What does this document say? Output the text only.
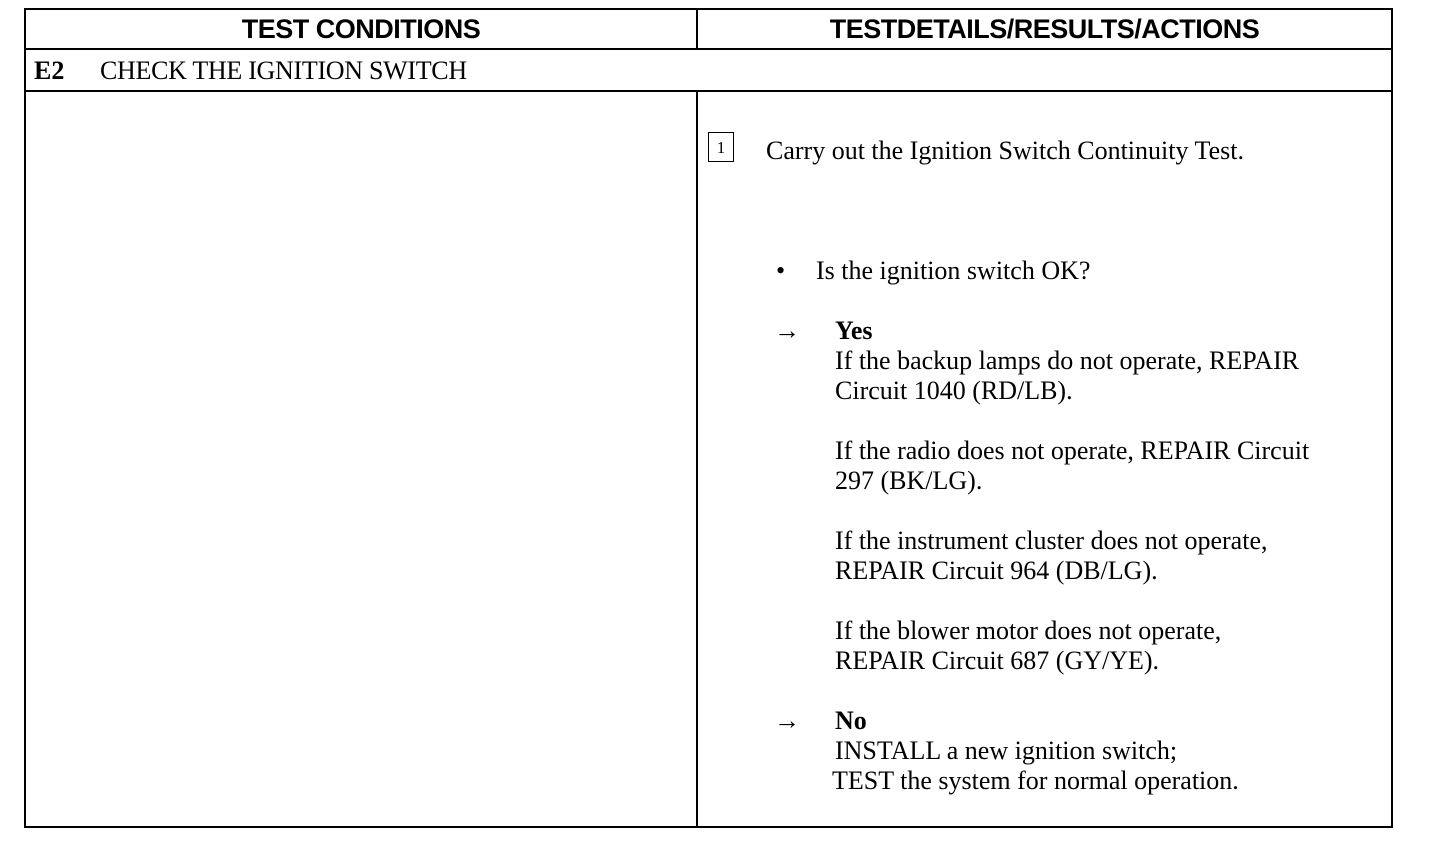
TEST CONDITIONS	TESTDETAILS/RESULTS/ACTIONS
E2 CHECK THE IGNITION SWITCH
1	Carry out the Ignition Switch Continuity Test.
• Is the ignition switch OK?
→ Yes
If the backup lamps do not operate, REPAIR
Circuit 1040 (RD/LB).
If the radio does not operate, REPAIR Circuit
297 (BK/LG).
If the instrument cluster does not operate,
REPAIR Circuit 964 (DB/LG).
If the blower motor does not operate,
REPAIR Circuit 687 (GY/YE).
→ No
INSTALL a new ignition switch;
TEST the system for normal operation.
